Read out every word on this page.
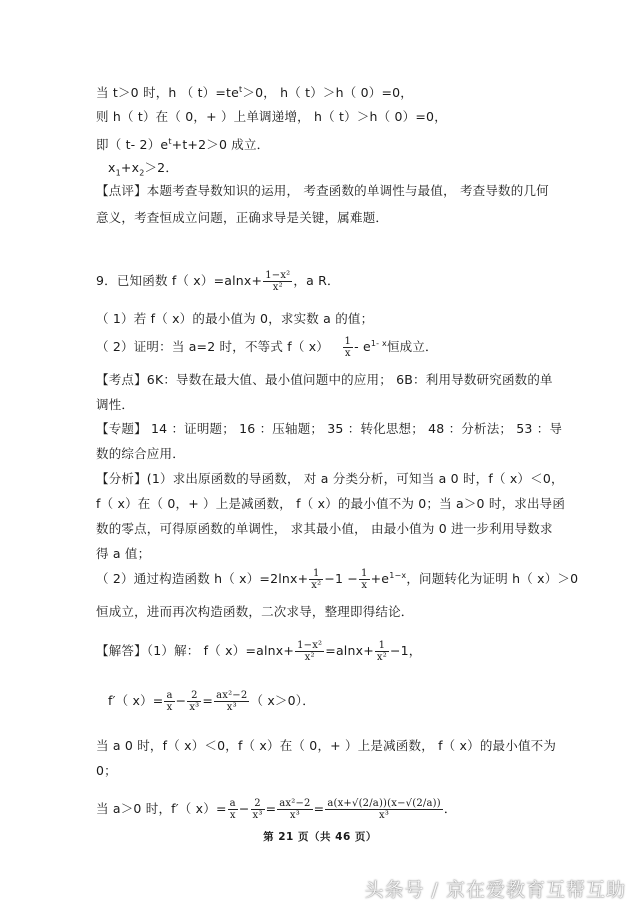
当 t＞0 时，h （ $t)=te^t>0$， h（ t）＞h（ 0）=0，
则 h（ t）在（ 0，+ ）上单调递增， h（ t）＞h（ 0）=0，
即（ t- $2)e^t+t+2>0$ 成立．
$x_1+x_2>2$．
【点评】本题考查导数知识的运用， 考查函数的单调性与最值， 考查导数的几何
意义，考查恒成立问题，正确求导是关键，属难题．
9．已知函数 f（ $x)=alnx+ \frac{\text{1−x²}}{\text{x²}}$ ，a R．
（ 1）若 f（ x）的最小值为 0，求实数 a 的值；
（ 2）证明：当 a=2 时，不等式 f（ $x) \frac{1}{x} - e^{1- x}$恒成立．
【考点】6K：导数在最大值、最小值问题中的应用； 6B：利用导数研究函数的单
调性．
【专题】 14 ：证明题； 16 ：压轴题； 35 ：转化思想； 48 ：分析法； 53 ：导
数的综合应用．
【分析】(1）求出原函数的导函数， 对 a 分类分析，可知当 a 0 时，f（ x）＜0，
f（ x）在（ 0，+ ）上是减函数， f（ x）的最小值不为 0；当 a＞0 时，求出导函
数的零点，可得原函数的单调性， 求其最小值， 由最小值为 0 进一步利用导数求
得 a 值；
（ 2）通过构造函数 h（ $x)=2\ln x+ \frac{1}{\text{x²}} -1 - \frac{1}{x} +e^{1-x}$，问题转化为证明 h（ x）＞0
恒成立，进而再次构造函数，二次求导，整理即得结论．
【解答】（1）解： f（ $x)=alnx+ \frac{\text{1−x²}}{\text{x²}} =alnx+ \frac{1}{\text{x²}} -1$，
f′（ $x)= \frac{a}{x} - \frac{2}{\text{x³}} = \frac{\text{ax²−2}}{\text{x³}}$ （ x＞0）．
当 a 0 时，f（ x）＜0，f（ x）在（ 0，+ ）上是减函数， f（ x）的最小值不为
0；
当 a＞0 时，f′（ $x)= \frac{a}{x} - \frac{2}{\text{x³}} = \frac{\text{ax²−2}}{\text{x³}} = \frac{a(x+√(2/a))(x-√(2/a))}{\text{x³}}$ ．
第 21 页（共 46 页）
头条号 / 京在爱教育互帮互助
